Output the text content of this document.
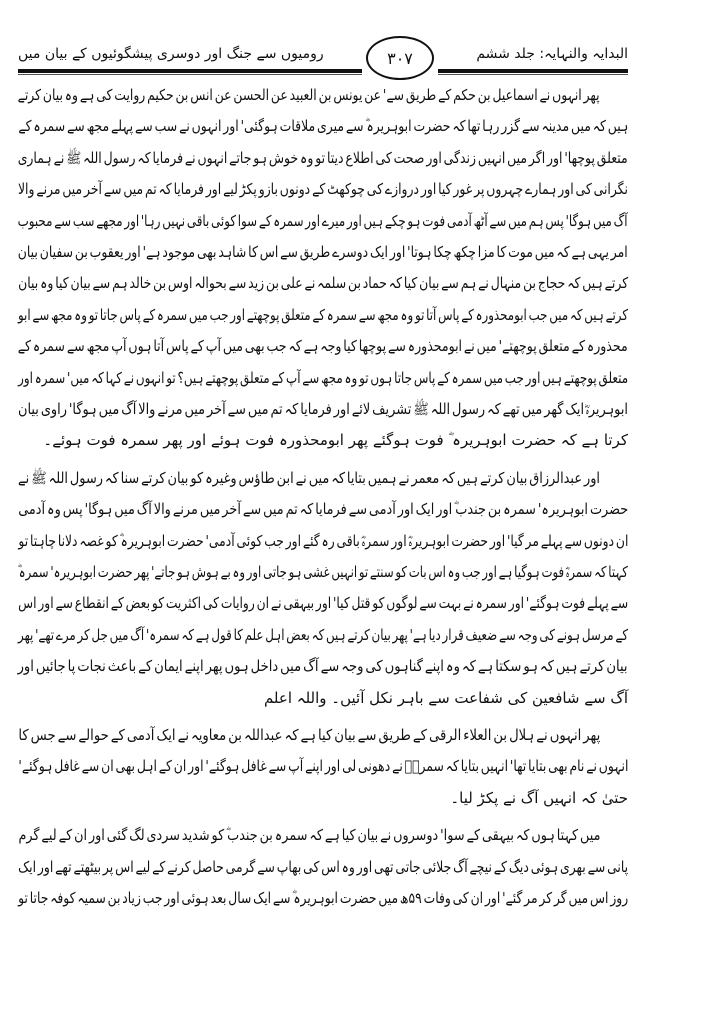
البدایہ والنہایہ: جلد ششم
رومیوں سے جنگ اور دوسری پیشگوئیوں کے بیان میں	۳۰۷
پھر انہوں نے اسماعیل بن حکم کے طریق سے' عن یونس بن العبید عن الحسن عن انس بن حکیم روایت کی ہے وہ بیان کرتے
ہیں کہ میں مدینہ سے گزر رہا تھا کہ حضرت ابوہریرہ ؓ سے میری ملاقات ہوگئی' اور انہوں نے سب سے پہلے مجھ سے سمرہ کے
متعلق پوچھا' اور اگر میں انہیں زندگی اور صحت کی اطلاع دیتا تو وہ خوش ہو جاتے انہوں نے فرمایا کہ رسول اللہ ﷺ نے ہماری
نگرانی کی اور ہمارے چہروں پر غور کیا اور دروازے کی چوکھٹ کے دونوں بازو پکڑ لیے اور فرمایا کہ تم میں سے آخر میں مرنے والا
آگ میں ہوگا' پس ہم میں سے آٹھ آدمی فوت ہو چکے ہیں اور میرے اور سمرہ کے سوا کوئی باقی نہیں رہا' اور مجھے سب سے محبوب
امر یہی ہے کہ میں موت کا مزا چکھ چکا ہوتا' اور ایک دوسرے طریق سے اس کا شاہد بھی موجود ہے' اور یعقوب بن سفیان بیان
کرتے ہیں کہ حجاج بن منہال نے ہم سے بیان کیا کہ حماد بن سلمہ نے علی بن زید سے بحوالہ اوس بن خالد ہم سے بیان کیا وہ بیان
کرتے ہیں کہ میں جب ابومحذورہ کے پاس آتا تو وہ مجھ سے سمرہ کے متعلق پوچھتے اور جب میں سمرہ کے پاس جاتا تو وہ مجھ سے ابو
محذورہ کے متعلق پوچھتے' میں نے ابومحذورہ سے پوچھا کیا وجہ ہے کہ جب بھی میں آپ کے پاس آتا ہوں آپ مجھ سے سمرہ کے
متعلق پوچھتے ہیں اور جب میں سمرہ کے پاس جاتا ہوں تو وہ مجھ سے آپ کے متعلق پوچھتے ہیں؟ تو انہوں نے کہا کہ میں' سمرہ اور
ابوہریرہؓ ایک گھر میں تھے کہ رسول اللہ ﷺ تشریف لائے اور فرمایا کہ تم میں سے آخر میں مرنے والا آگ میں ہوگا' راوی بیان
کرتا ہے کہ حضرت ابوہریرہ ؓ فوت ہوگئے پھر ابومحذورہ فوت ہوئے اور پھر سمرہ فوت ہوئے۔
اور عبدالرزاق بیان کرتے ہیں کہ معمر نے ہمیں بتایا کہ میں نے ابن طاؤس وغیرہ کو بیان کرتے سنا کہ رسول اللہ ﷺ نے
حضرت ابوہریرہ' سمرہ بن جندب ؓ اور ایک اور آدمی سے فرمایا کہ تم میں سے آخر میں مرنے والا آگ میں ہوگا' پس وہ آدمی
ان دونوں سے پہلے مر گیا' اور حضرت ابوہریرہؓ اور سمرہؓ باقی رہ گئے اور جب کوئی آدمی' حضرت ابوہریرہ ؓ کو غصہ دلانا چاہتا تو
کہتا کہ سمرہؓ فوت ہوگیا ہے اور جب وہ اس بات کو سنتے تو انہیں غشی ہو جاتی اور وہ بے ہوش ہو جاتے' پھر حضرت ابوہریرہ' سمرہ ؓ
سے پہلے فوت ہوگئے' اور سمرہ نے بہت سے لوگوں کو قتل کیا' اور بیہقی نے ان روایات کی اکثریت کو بعض کے انقطاع سے اور اس
کے مرسل ہونے کی وجہ سے ضعیف قرار دیا ہے' پھر بیان کرتے ہیں کہ بعض اہل علم کا قول ہے کہ سمرہ' آگ میں جل کر مرے تھے' پھر
بیان کرتے ہیں کہ ہو سکتا ہے کہ وہ اپنے گناہوں کی وجہ سے آگ میں داخل ہوں پھر اپنے ایمان کے باعث نجات پا جائیں اور
آگ سے شافعین کی شفاعت سے باہر نکل آئیں۔ واللہ اعلم
پھر انہوں نے ہلال بن العلاء الرقی کے طریق سے بیان کیا ہے کہ عبداللہ بن معاویہ نے ایک آدمی کے حوالے سے جس کا
انہوں نے نام بھی بتایا تھا' انہیں بتایا کہ سمرہؓ نے دھونی لی اور اپنے آپ سے غافل ہوگئے' اور ان کے اہل بھی ان سے غافل ہوگئے'
حتیٰ کہ انہیں آگ نے پکڑ لیا۔
میں کہتا ہوں کہ بیہقی کے سوا' دوسروں نے بیان کیا ہے کہ سمرہ بن جندب ؓ کو شدید سردی لگ گئی اور ان کے لیے گرم
پانی سے بھری ہوئی دیگ کے نیچے آگ جلائی جاتی تھی اور وہ اس کی بھاپ سے گرمی حاصل کرنے کے لیے اس پر بیٹھتے تھے اور ایک
روز اس میں گر کر مر گئے' اور ان کی وفات ۵۹ھ میں حضرت ابوہریرہ ؓ سے ایک سال بعد ہوئی اور جب زیاد بن سمیہ کوفہ جاتا تو
